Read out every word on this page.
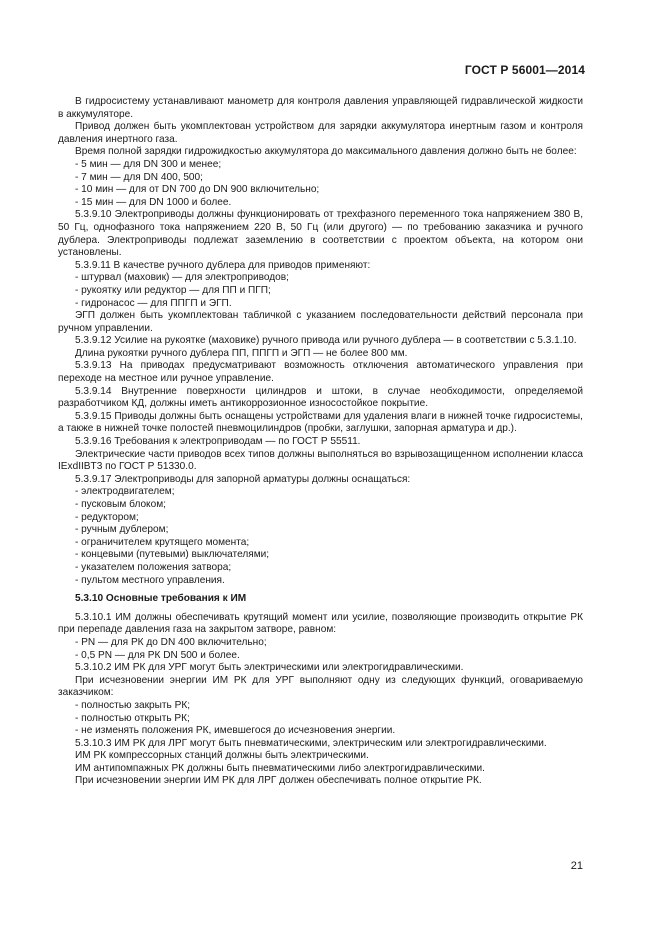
ГОСТ Р 56001—2014
В гидросистему устанавливают манометр для контроля давления управляющей гидравлической жидкости в аккумуляторе.
Привод должен быть укомплектован устройством для зарядки аккумулятора инертным газом и контроля давления инертного газа.
Время полной зарядки гидрожидкостью аккумулятора до максимального давления должно быть не более:
- 5 мин — для DN 300 и менее;
- 7 мин — для DN 400, 500;
- 10 мин — для от DN 700 до DN 900 включительно;
- 15 мин — для DN 1000 и более.
5.3.9.10 Электроприводы должны функционировать от трехфазного переменного тока напряжением 380 В, 50 Гц, однофазного тока напряжением 220 В, 50 Гц (или другого) — по требованию заказчика и ручного дублера. Электроприводы подлежат заземлению в соответствии с проектом объекта, на котором они установлены.
5.3.9.11 В качестве ручного дублера для приводов применяют:
- штурвал (маховик) — для электроприводов;
- рукоятку или редуктор — для ПП и ПГП;
- гидронасос — для ППГП и ЭГП.
ЭГП должен быть укомплектован табличкой с указанием последовательности действий персонала при ручном управлении.
5.3.9.12 Усилие на рукоятке (маховике) ручного привода или ручного дублера — в соответствии с 5.3.1.10.
Длина рукоятки ручного дублера ПП, ППГП и ЭГП — не более 800 мм.
5.3.9.13 На приводах предусматривают возможность отключения автоматического управления при переходе на местное или ручное управление.
5.3.9.14 Внутренние поверхности цилиндров и штоки, в случае необходимости, определяемой разработчиком КД, должны иметь антикоррозионное износостойкое покрытие.
5.3.9.15 Приводы должны быть оснащены устройствами для удаления влаги в нижней точке гидросистемы, а также в нижней точке полостей пневмоцилиндров (пробки, заглушки, запорная арматура и др.).
5.3.9.16 Требования к электроприводам — по ГОСТ Р 55511.
Электрические части приводов всех типов должны выполняться во взрывозащищенном исполнении класса IExdIIBT3 по ГОСТ Р 51330.0.
5.3.9.17 Электроприводы для запорной арматуры должны оснащаться:
- электродвигателем;
- пусковым блоком;
- редуктором;
- ручным дублером;
- ограничителем крутящего момента;
- концевыми (путевыми) выключателями;
- указателем положения затвора;
- пультом местного управления.
5.3.10 Основные требования к ИМ
5.3.10.1 ИМ должны обеспечивать крутящий момент или усилие, позволяющие производить открытие РК при перепаде давления газа на закрытом затворе, равном:
- PN — для РК до DN 400 включительно;
- 0,5 PN — для РК DN 500 и более.
5.3.10.2 ИМ РК для УРГ могут быть электрическими или электрогидравлическими.
При исчезновении энергии ИМ РК для УРГ выполняют одну из следующих функций, оговариваемую заказчиком:
- полностью закрыть РК;
- полностью открыть РК;
- не изменять положения РК, имевшегося до исчезновения энергии.
5.3.10.3 ИМ РК для ЛРГ могут быть пневматическими, электрическим или электрогидравлическими.
ИМ РК компрессорных станций должны быть электрическими.
ИМ антипомпажных РК должны быть пневматическими либо электрогидравлическими.
При исчезновении энергии ИМ РК для ЛРГ должен обеспечивать полное открытие РК.
21
